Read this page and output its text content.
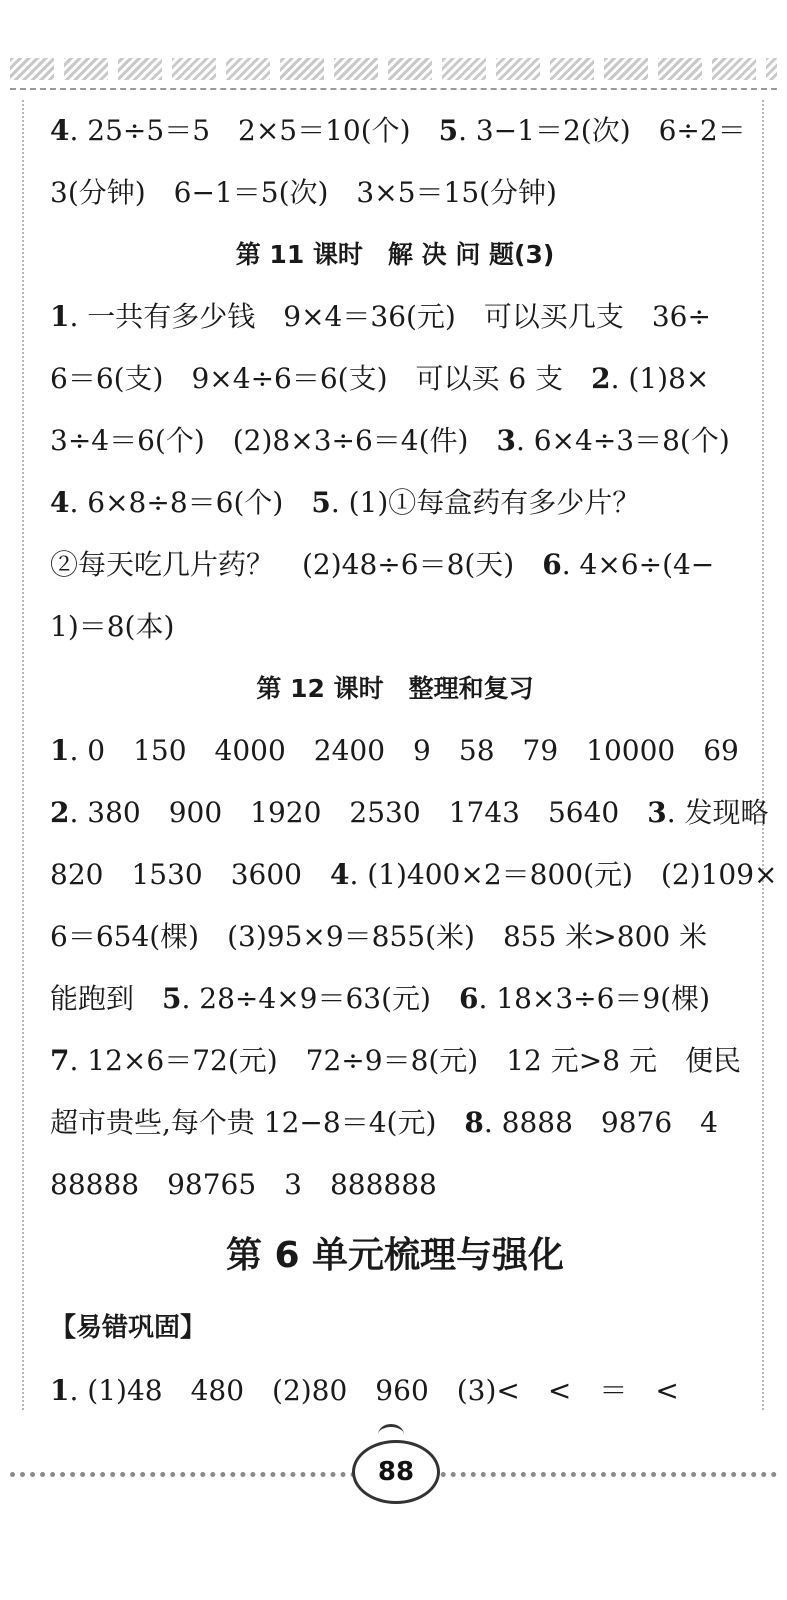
4. 25÷5＝5　2×5＝10(个)　5. 3−1＝2(次)　6÷2＝
3(分钟)　6−1＝5(次)　3×5＝15(分钟)
第 11 课时　解 决 问 题(3)
1. 一共有多少钱　9×4＝36(元)　可以买几支　36÷
6＝6(支)　9×4÷6＝6(支)　可以买 6 支　2. (1)8×
3÷4＝6(个)　(2)8×3÷6＝4(件)　3. 6×4÷3＝8(个)
4. 6×8÷8＝6(个)　5. (1)①每盒药有多少片？
②每天吃几片药？　(2)48÷6＝8(天)　6. 4×6÷(4−
1)＝8(本)
第 12 课时　整理和复习
1. 0　150　4000　2400　9　58　79　10000　69
2. 380　900　1920　2530　1743　5640　3. 发现略
820　1530　3600　4. (1)400×2＝800(元)　(2)109×
6＝654(棵)　(3)95×9＝855(米)　855 米>800 米
能跑到　5. 28÷4×9＝63(元)　6. 18×3÷6＝9(棵)
7. 12×6＝72(元)　72÷9＝8(元)　12 元>8 元　便民
超市贵些,每个贵 12−8＝4(元)　8. 8888　9876　4
88888　98765　3　888888
第 6 单元梳理与强化
【易错巩固】
1. (1)48　480　(2)80　960　(3)<　<　＝　<
88
